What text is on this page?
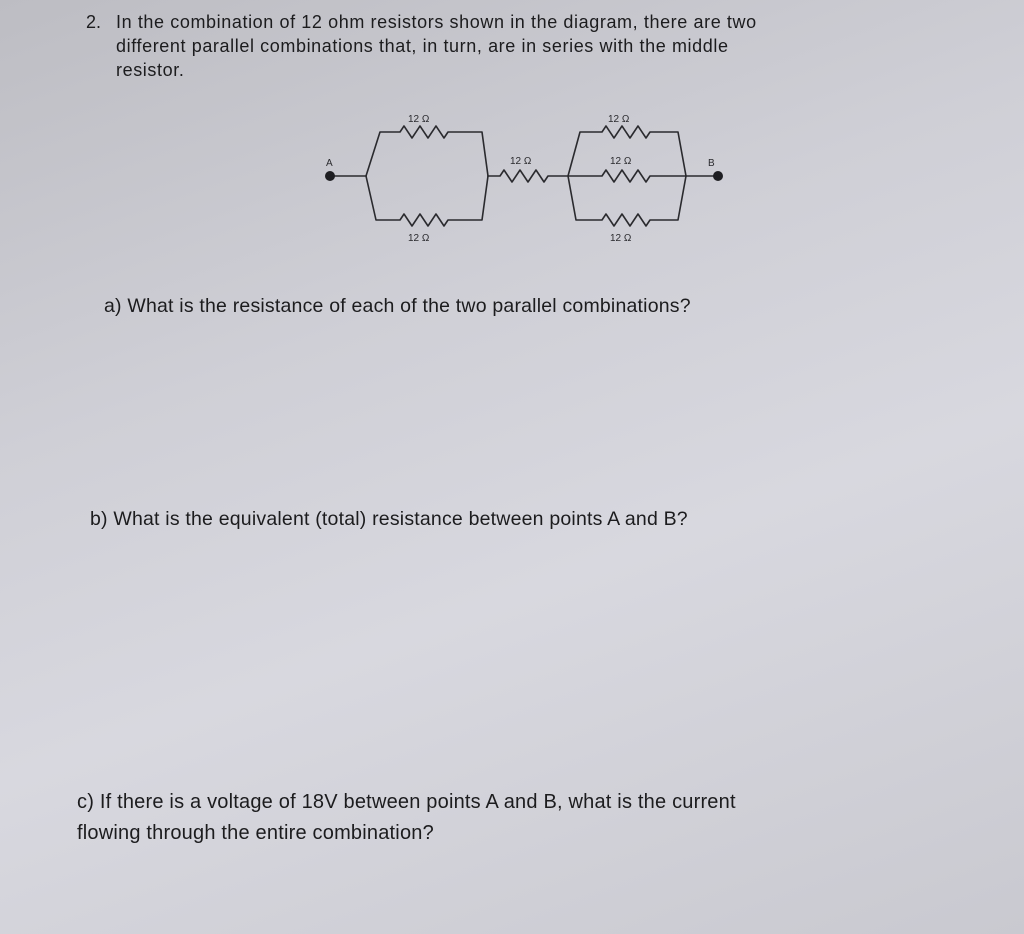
2. In the combination of 12 ohm resistors shown in the diagram, there are two
different parallel combinations that, in turn, are in series with the middle
resistor.
A	B
12 Ω
12 Ω
12 Ω
12 Ω
12 Ω
12 Ω
a) What is the resistance of each of the two parallel combinations?
b) What is the equivalent (total) resistance between points A and B?
c) If there is a voltage of 18V between points A and B, what is the current
flowing through the entire combination?
